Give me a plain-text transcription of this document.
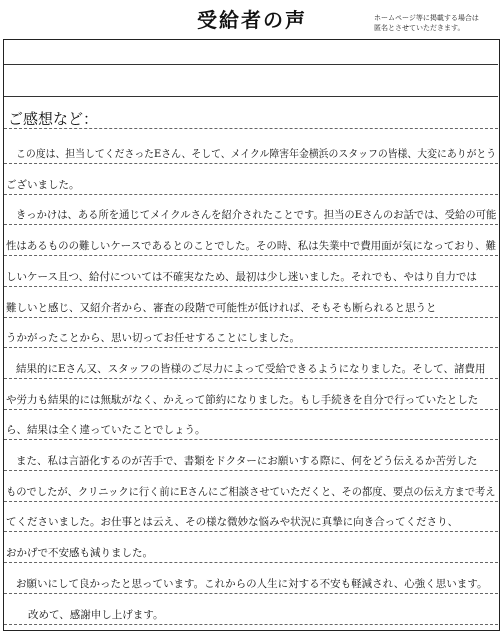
受給者の声	ホームページ等に掲載する場合は
匿名とさせていただきます。
ご感想など：
この度は、担当してくださったEさん、そして、メイクル障害年金横浜のスタッフの皆様、大変にありがとう
ございました。
きっかけは、ある所を通じてメイクルさんを紹介されたことです。担当のEさんのお話では、受給の可能
性はあるものの難しいケースであるとのことでした。その時、私は失業中で費用面が気になっており、難
しいケース且つ、給付については不確実なため、最初は少し迷いました。それでも、やはり自力では
難しいと感じ、又紹介者から、審査の段階で可能性が低ければ、そもそも断られると思うと
うかがったことから、思い切ってお任せすることにしました。
結果的にEさん又、スタッフの皆様のご尽力によって受給できるようになりました。そして、諸費用
や労力も結果的には無駄がなく、かえって節約になりました。もし手続きを自分で行っていたとした
ら、結果は全く違っていたことでしょう。
また、私は言語化するのが苦手で、書類をドクターにお願いする際に、何をどう伝えるか苦労した
ものでしたが、クリニックに行く前にEさんにご相談させていただくと、その都度、要点の伝え方まで考え
てくださいました。お仕事とは云え、その様な微妙な悩みや状況に真摯に向き合ってくださり、
おかげで不安感も減りました。
お願いにして良かったと思っています。これからの人生に対する不安も軽減され、心強く思います。
改めて、感謝申し上げます。
